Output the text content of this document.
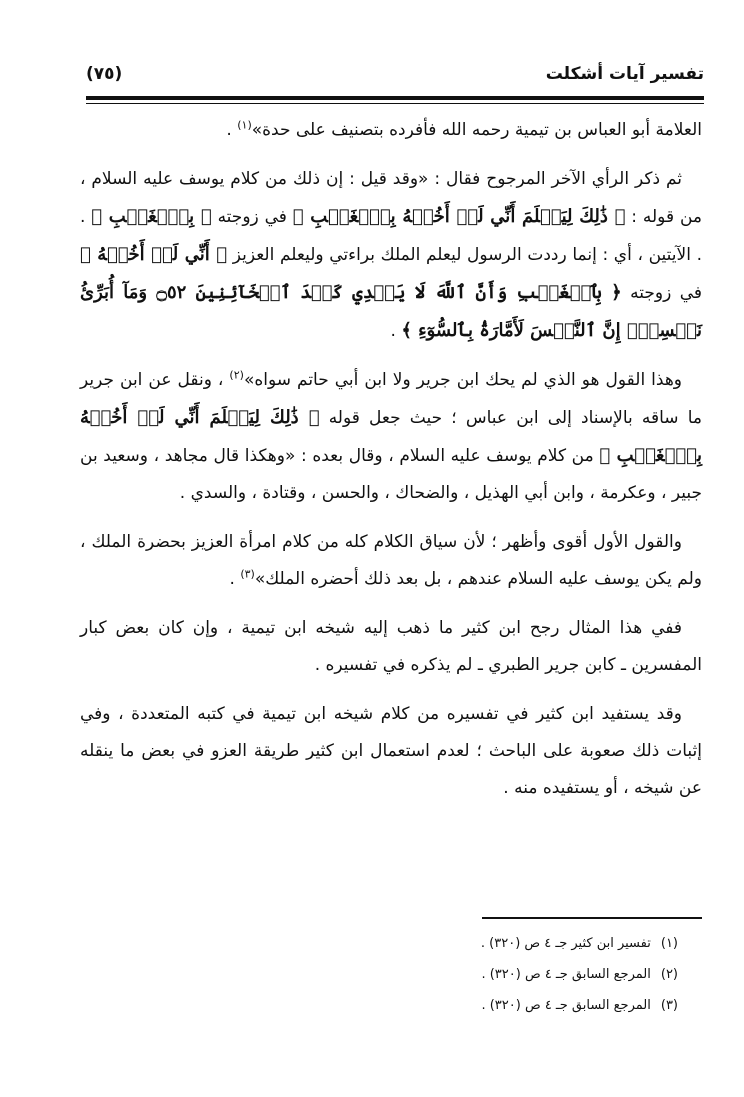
تفسير آيات أشكلت
(٧٥)

العلامة أبو العباس بن تيمية رحمه الله فأفرده بتصنيف على حدة»$^{(١)}$ .

ثم ذكر الرأي الآخر المرجوح فقال : «وقد قيل : إن ذلك من كلام يوسف عليه السلام ، من قوله : ﴿ ذَٰلِكَ لِيَعۡلَمَ أَنِّي لَمۡ أَخُنۡهُ بِٱلۡغَيۡبِ ﴾ في زوجته ﴿ بِٱلۡغَيۡبِ ﴾ . . الآيتين ، أي : إنما رددت الرسول ليعلم الملك براءتي وليعلم العزيز ﴿ أَنِّي لَمۡ أَخُنۡهُ ﴾ في زوجته ﴿ بِٱلۡغَيۡبِ وَأَنَّ ٱللَّهَ لَا يَهۡدِي كَيۡدَ ٱلۡخَآئِنِينَ ۝٥٢ وَمَآ أُبَرِّئُ نَفۡسِيٓۚ إِنَّ ٱلنَّفۡسَ لَأَمَّارَةُۢ بِٱلسُّوٓءِ ﴾ .

وهذا القول هو الذي لم يحك ابن جرير ولا ابن أبي حاتم سواه»$^{(٢)}$ ، ونقل عن ابن جرير ما ساقه بالإسناد إلى ابن عباس ؛ حيث جعل قوله ﴿ ذَٰلِكَ لِيَعۡلَمَ أَنِّي لَمۡ أَخُنۡهُ بِٱلۡغَيۡبِ ﴾ من كلام يوسف عليه السلام ، وقال بعده : «وهكذا قال مجاهد ، وسعيد بن جبير ، وعكرمة ، وابن أبي الهذيل ، والضحاك ، والحسن ، وقتادة ، والسدي .

والقول الأول أقوى وأظهر ؛ لأن سياق الكلام كله من كلام امرأة العزيز بحضرة الملك ، ولم يكن يوسف عليه السلام عندهم ، بل بعد ذلك أحضره الملك»$^{(٣)}$ .

ففي هذا المثال رجح ابن كثير ما ذهب إليه شيخه ابن تيمية ، وإن كان بعض كبار المفسرين ـ كابن جرير الطبري ـ لم يذكره في تفسيره .

وقد يستفيد ابن كثير في تفسيره من كلام شيخه ابن تيمية في كتبه المتعددة ، وفي إثبات ذلك صعوبة على الباحث ؛ لعدم استعمال ابن كثير طريقة العزو في بعض ما ينقله عن شيخه ، أو يستفيده منه .

(١)تفسير ابن كثير جـ ٤ ص (٣٢٠) .
(٢)المرجع السابق جـ ٤ ص (٣٢٠) .
(٣)المرجع السابق جـ ٤ ص (٣٢٠) .
